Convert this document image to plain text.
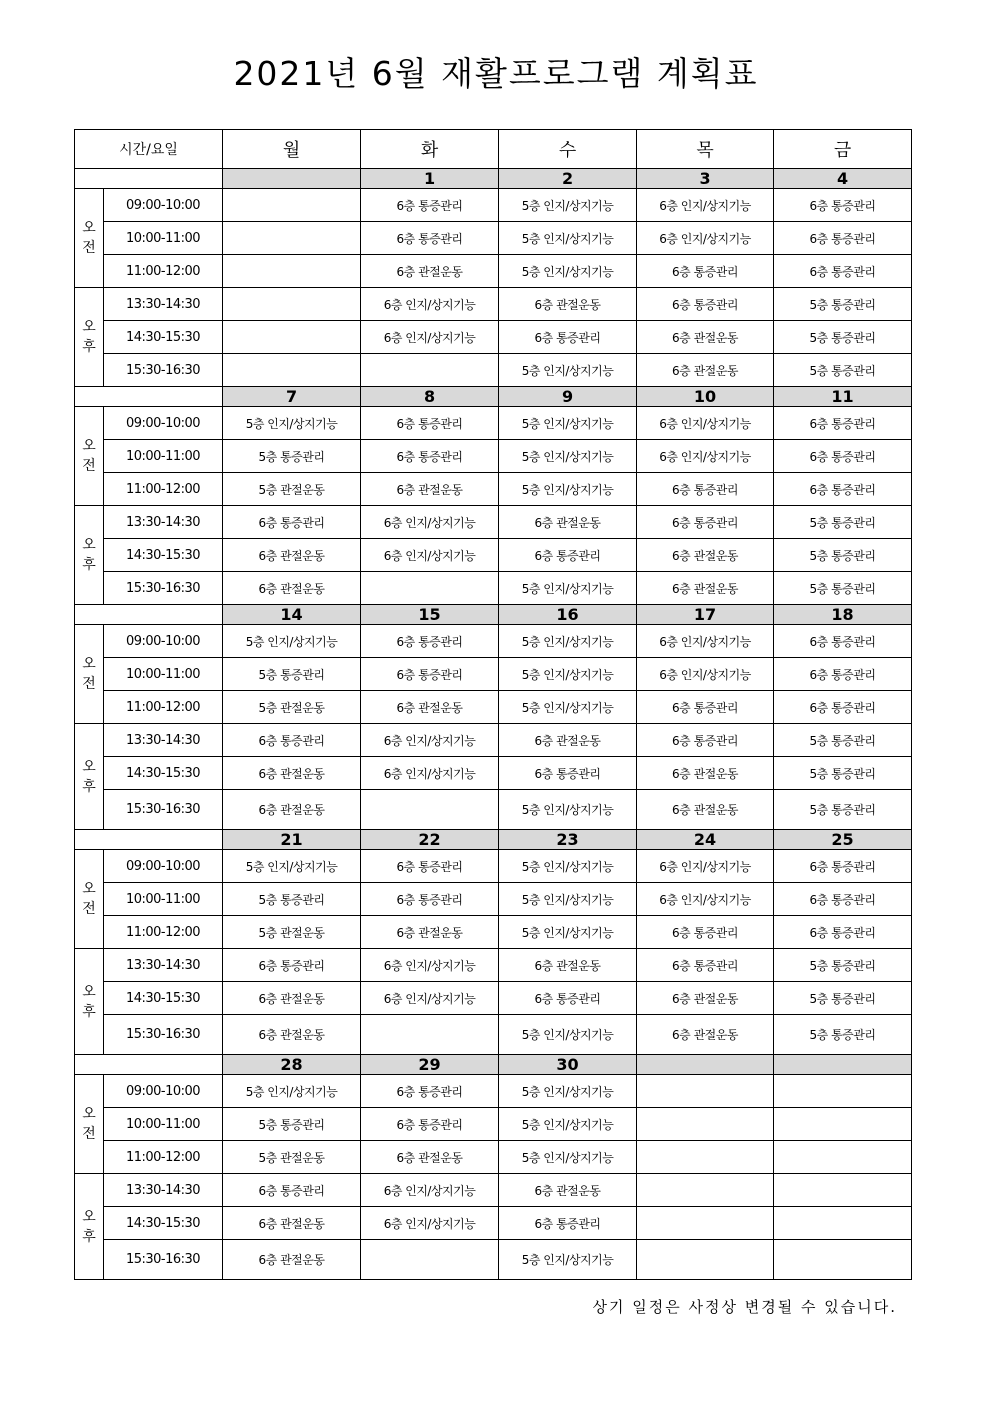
2021년 6월 재활프로그램 계획표
시간/요일		월	화	수	목	금
			1	2	3	4

오
전	09:00-10:00		6층 통증관리	5층 인지/상지기능	6층 인지/상지기능	6층 통증관리
	10:00-11:00		6층 통증관리	5층 인지/상지기능	6층 인지/상지기능	6층 통증관리
	11:00-12:00		6층 관절운동	5층 인지/상지기능	6층 통증관리	6층 통증관리

오
후	13:30-14:30		6층 인지/상지기능	6층 관절운동	6층 통증관리	5층 통증관리
	14:30-15:30		6층 인지/상지기능	6층 통증관리	6층 관절운동	5층 통증관리
	15:30-16:30			5층 인지/상지기능	6층 관절운동	5층 통증관리
		7	8	9	10	11

오
전	09:00-10:00	5층 인지/상지기능	6층 통증관리	5층 인지/상지기능	6층 인지/상지기능	6층 통증관리
	10:00-11:00	5층 통증관리	6층 통증관리	5층 인지/상지기능	6층 인지/상지기능	6층 통증관리
	11:00-12:00	5층 관절운동	6층 관절운동	5층 인지/상지기능	6층 통증관리	6층 통증관리

오
후	13:30-14:30	6층 통증관리	6층 인지/상지기능	6층 관절운동	6층 통증관리	5층 통증관리
	14:30-15:30	6층 관절운동	6층 인지/상지기능	6층 통증관리	6층 관절운동	5층 통증관리
	15:30-16:30	6층 관절운동		5층 인지/상지기능	6층 관절운동	5층 통증관리
		14	15	16	17	18

오
전	09:00-10:00	5층 인지/상지기능	6층 통증관리	5층 인지/상지기능	6층 인지/상지기능	6층 통증관리
	10:00-11:00	5층 통증관리	6층 통증관리	5층 인지/상지기능	6층 인지/상지기능	6층 통증관리
	11:00-12:00	5층 관절운동	6층 관절운동	5층 인지/상지기능	6층 통증관리	6층 통증관리

오
후	13:30-14:30	6층 통증관리	6층 인지/상지기능	6층 관절운동	6층 통증관리	5층 통증관리
	14:30-15:30	6층 관절운동	6층 인지/상지기능	6층 통증관리	6층 관절운동	5층 통증관리
	15:30-16:30	6층 관절운동		5층 인지/상지기능	6층 관절운동	5층 통증관리
		21	22	23	24	25

오
전	09:00-10:00	5층 인지/상지기능	6층 통증관리	5층 인지/상지기능	6층 인지/상지기능	6층 통증관리
	10:00-11:00	5층 통증관리	6층 통증관리	5층 인지/상지기능	6층 인지/상지기능	6층 통증관리
	11:00-12:00	5층 관절운동	6층 관절운동	5층 인지/상지기능	6층 통증관리	6층 통증관리

오
후	13:30-14:30	6층 통증관리	6층 인지/상지기능	6층 관절운동	6층 통증관리	5층 통증관리
	14:30-15:30	6층 관절운동	6층 인지/상지기능	6층 통증관리	6층 관절운동	5층 통증관리
	15:30-16:30	6층 관절운동		5층 인지/상지기능	6층 관절운동	5층 통증관리
		28	29	30		

오
전	09:00-10:00	5층 인지/상지기능	6층 통증관리	5층 인지/상지기능		
	10:00-11:00	5층 통증관리	6층 통증관리	5층 인지/상지기능		
	11:00-12:00	5층 관절운동	6층 관절운동	5층 인지/상지기능		

오
후	13:30-14:30	6층 통증관리	6층 인지/상지기능	6층 관절운동		
	14:30-15:30	6층 관절운동	6층 인지/상지기능	6층 통증관리		
	15:30-16:30	6층 관절운동		5층 인지/상지기능		
상기 일정은 사정상 변경될 수 있습니다.
